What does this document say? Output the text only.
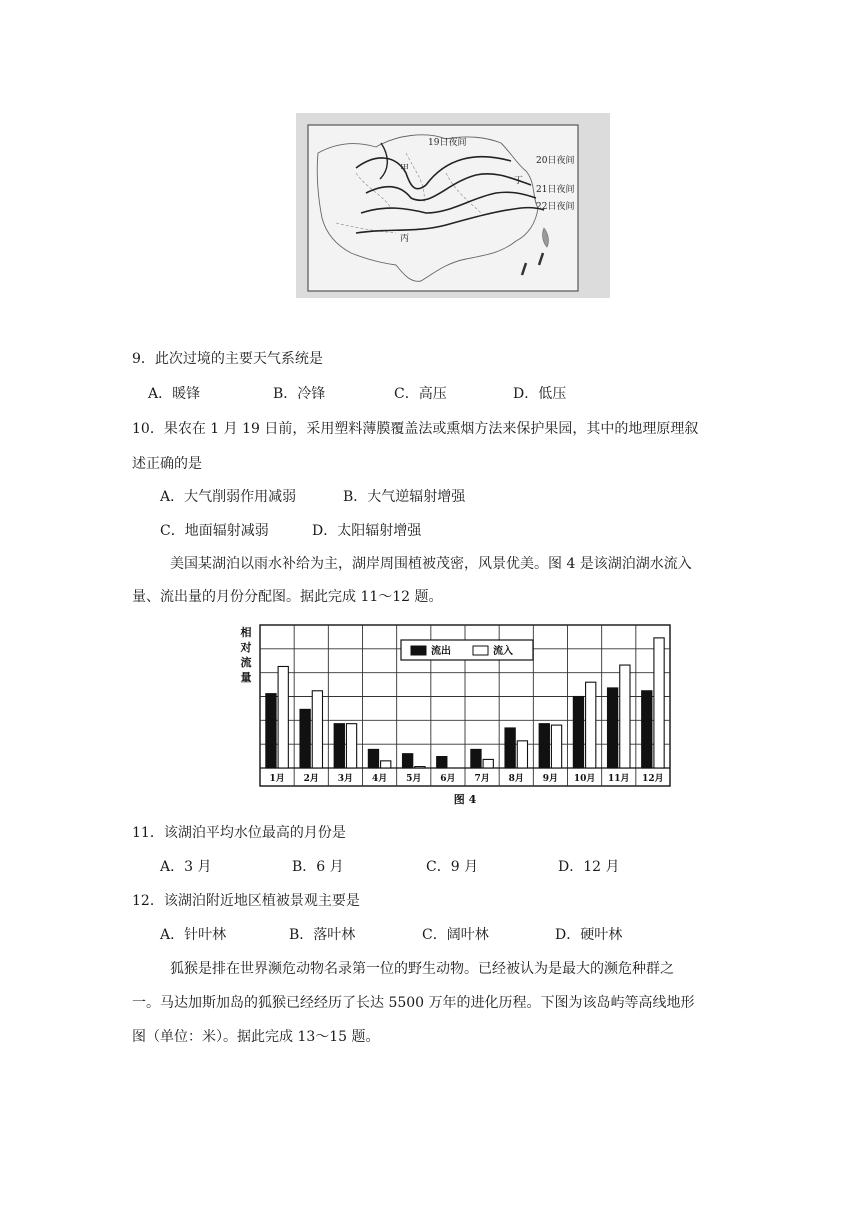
19日夜间
20日夜间
21日夜间
22日夜间
甲
丁
丙
9．此次过境的主要天气系统是
A．暖锋	B．冷锋	C．高压	D．低压
10．果农在 1 月 19 日前，采用塑料薄膜覆盖法或熏烟方法来保护果园，其中的地理原理叙
述正确的是
A．大气削弱作用减弱	B．大气逆辐射增强
C．地面辐射减弱	D．太阳辐射增强
美国某湖泊以雨水补给为主，湖岸周围植被茂密，风景优美。图 4 是该湖泊湖水流入
量、流出量的月份分配图。据此完成 11～12 题。
1月 2月 3月 4月 5月 6月 7月 8月 9月 10月 11月 12月
相
对
流
量
流出	流入
图 4
11．该湖泊平均水位最高的月份是
A．3 月	B．6 月	C．9 月	D．12 月
12．该湖泊附近地区植被景观主要是
A．针叶林	B．落叶林	C．阔叶林	D．硬叶林
狐猴是排在世界濒危动物名录第一位的野生动物。已经被认为是最大的濒危种群之
一。马达加斯加岛的狐猴已经经历了长达 5500 万年的进化历程。下图为该岛屿等高线地形
图（单位：米）。据此完成 13～15 题。
